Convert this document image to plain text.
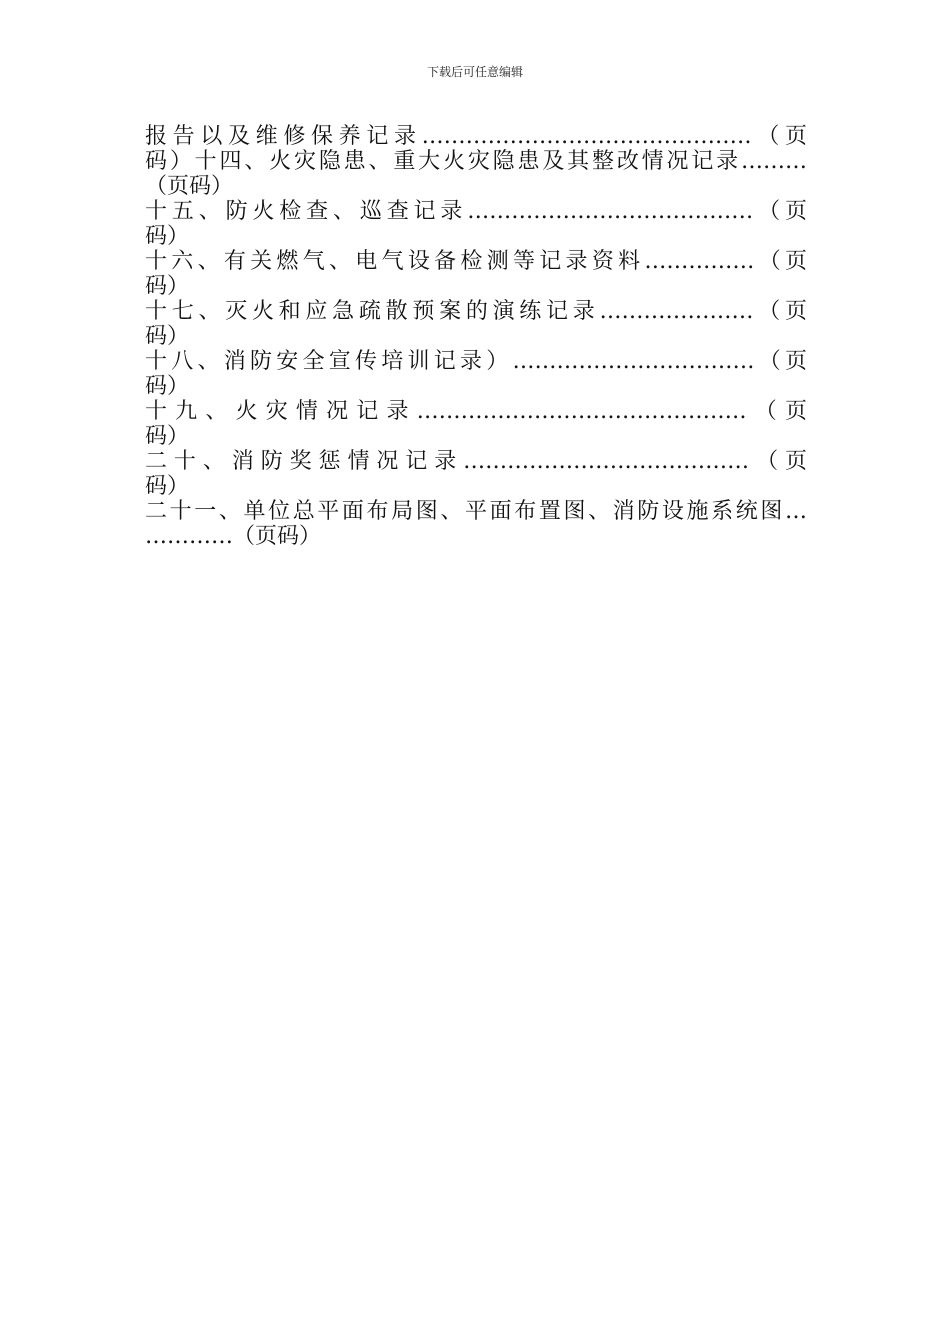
下载后可任意编辑
报告以及维修保养记录………………………………………（页
码）十四、火灾隐患、重大火灾隐患及其整改情况记录………
（页码）
十五、防火检查、巡查记录…………………………………（页
码）
十六、有关燃气、电气设备检测等记录资料……………（页
码）
十七、灭火和应急疏散预案的演练记录…………………（页
码）
十八、消防安全宣传培训记录）……………………………（页
码）
十九、火灾情况记录………………………………………（页
码）
二十、消防奖惩情况记录…………………………………（页
码）
二十一、单位总平面布局图、平面布置图、消防设施系统图…
…………（页码）
